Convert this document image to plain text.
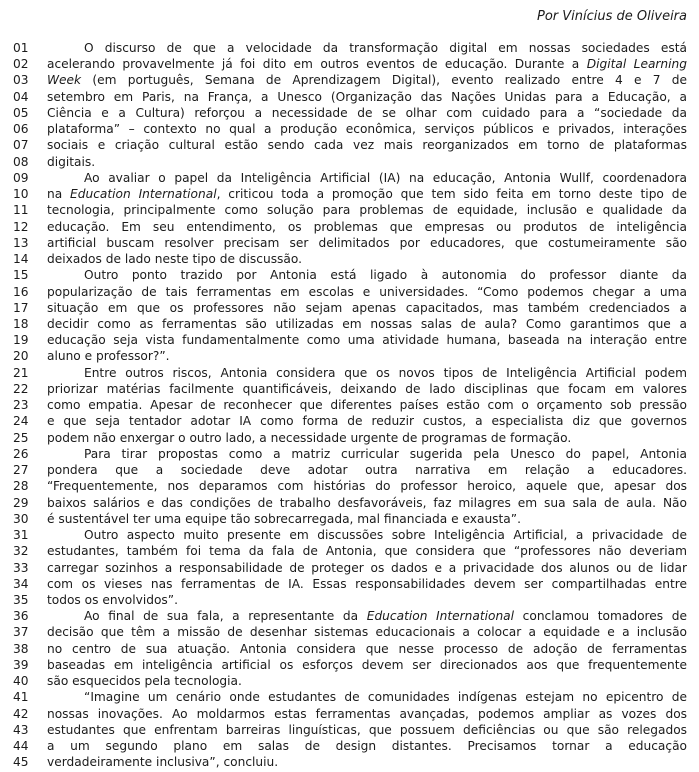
Por Vinícius de Oliveira
01	O discurso de que a velocidade da transformação digital em nossas sociedades está

02	acelerando provavelmente já foi dito em outros eventos de educação. Durante a Digital Learning

03	Week (em português, Semana de Aprendizagem Digital), evento realizado entre 4 e 7 de

04	setembro em Paris, na França, a Unesco (Organização das Nações Unidas para a Educação, a

05	Ciência e a Cultura) reforçou a necessidade de se olhar com cuidado para a “sociedade da

06	plataforma” – contexto no qual a produção econômica, serviços públicos e privados, interações

07	sociais e criação cultural estão sendo cada vez mais reorganizados em torno de plataformas

08	digitais.

09	Ao avaliar o papel da Inteligência Artificial (IA) na educação, Antonia Wullf, coordenadora

10	na Education International, criticou toda a promoção que tem sido feita em torno deste tipo de

11	tecnologia, principalmente como solução para problemas de equidade, inclusão e qualidade da

12	educação. Em seu entendimento, os problemas que empresas ou produtos de inteligência

13	artificial buscam resolver precisam ser delimitados por educadores, que costumeiramente são

14	deixados de lado neste tipo de discussão.

15	Outro ponto trazido por Antonia está ligado à autonomia do professor diante da

16	popularização de tais ferramentas em escolas e universidades. “Como podemos chegar a uma

17	situação em que os professores não sejam apenas capacitados, mas também credenciados a

18	decidir como as ferramentas são utilizadas em nossas salas de aula? Como garantimos que a

19	educação seja vista fundamentalmente como uma atividade humana, baseada na interação entre

20	aluno e professor?”.

21	Entre outros riscos, Antonia considera que os novos tipos de Inteligência Artificial podem

22	priorizar matérias facilmente quantificáveis, deixando de lado disciplinas que focam em valores

23	como empatia. Apesar de reconhecer que diferentes países estão com o orçamento sob pressão

24	e que seja tentador adotar IA como forma de reduzir custos, a especialista diz que governos

25	podem não enxergar o outro lado, a necessidade urgente de programas de formação.

26	Para tirar propostas como a matriz curricular sugerida pela Unesco do papel, Antonia

27	pondera que a sociedade deve adotar outra narrativa em relação a educadores.

28	“Frequentemente, nos deparamos com histórias do professor heroico, aquele que, apesar dos

29	baixos salários e das condições de trabalho desfavoráveis, faz milagres em sua sala de aula. Não

30	é sustentável ter uma equipe tão sobrecarregada, mal financiada e exausta”.

31	Outro aspecto muito presente em discussões sobre Inteligência Artificial, a privacidade de

32	estudantes, também foi tema da fala de Antonia, que considera que “professores não deveriam

33	carregar sozinhos a responsabilidade de proteger os dados e a privacidade dos alunos ou de lidar

34	com os vieses nas ferramentas de IA. Essas responsabilidades devem ser compartilhadas entre

35	todos os envolvidos”.

36	Ao final de sua fala, a representante da Education International conclamou tomadores de

37	decisão que têm a missão de desenhar sistemas educacionais a colocar a equidade e a inclusão

38	no centro de sua atuação. Antonia considera que nesse processo de adoção de ferramentas

39	baseadas em inteligência artificial os esforços devem ser direcionados aos que frequentemente

40	são esquecidos pela tecnologia.

41	“Imagine um cenário onde estudantes de comunidades indígenas estejam no epicentro de

42	nossas inovações. Ao moldarmos estas ferramentas avançadas, podemos ampliar as vozes dos

43	estudantes que enfrentam barreiras linguísticas, que possuem deficiências ou que são relegados

44	a um segundo plano em salas de design distantes. Precisamos tornar a educação

45	verdadeiramente inclusiva”, concluiu.
